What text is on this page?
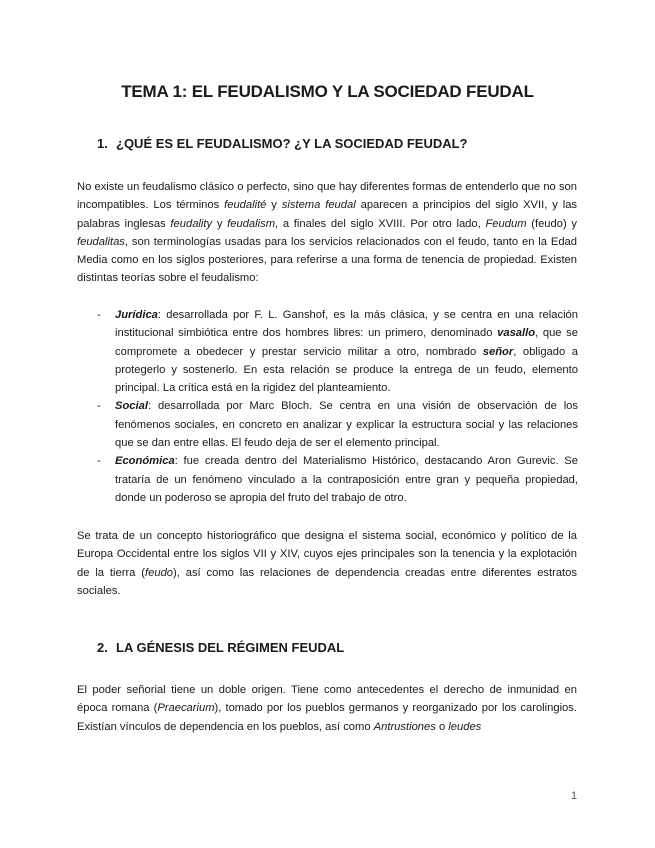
TEMA 1: EL FEUDALISMO Y LA SOCIEDAD FEUDAL
1. ¿QUÉ ES EL FEUDALISMO? ¿Y LA SOCIEDAD FEUDAL?

No existe un feudalismo clásico o perfecto, sino que hay diferentes formas de entenderlo que no son incompatibles. Los términos feudalité y sistema feudal aparecen a principios del siglo XVII, y las palabras inglesas feudality y feudalism, a finales del siglo XVIII. Por otro lado, Feudum (feudo) y feudalitas, son terminologías usadas para los servicios relacionados con el feudo, tanto en la Edad Media como en los siglos posteriores, para referirse a una forma de tenencia de propiedad. Existen distintas teorías sobre el feudalismo:

- Jurídica: desarrollada por F. L. Ganshof, es la más clásica, y se centra en una relación institucional simbiótica entre dos hombres libres: un primero, denominado vasallo, que se compromete a obedecer y prestar servicio militar a otro, nombrado señor, obligado a protegerlo y sostenerlo. En esta relación se produce la entrega de un feudo, elemento principal. La crítica está en la rigidez del planteamiento.
- Social: desarrollada por Marc Bloch. Se centra en una visión de observación de los fenómenos sociales, en concreto en analizar y explicar la estructura social y las relaciones que se dan entre ellas. El feudo deja de ser el elemento principal.
- Económica: fue creada dentro del Materialismo Histórico, destacando Aron Gurevic. Se trataría de un fenómeno vinculado a la contraposición entre gran y pequeña propiedad, donde un poderoso se apropia del fruto del trabajo de otro.

Se trata de un concepto historiográfico que designa el sistema social, económico y político de la Europa Occidental entre los siglos VII y XIV, cuyos ejes principales son la tenencia y la explotación de la tierra (feudo), así como las relaciones de dependencia creadas entre diferentes estratos sociales.

2. LA GÉNESIS DEL RÉGIMEN FEUDAL

El poder señorial tiene un doble origen. Tiene como antecedentes el derecho de inmunidad en época romana (Praecarium), tomado por los pueblos germanos y reorganizado por los carolingios. Existían vínculos de dependencia en los pueblos, así como Antrustiones o leudes

1
